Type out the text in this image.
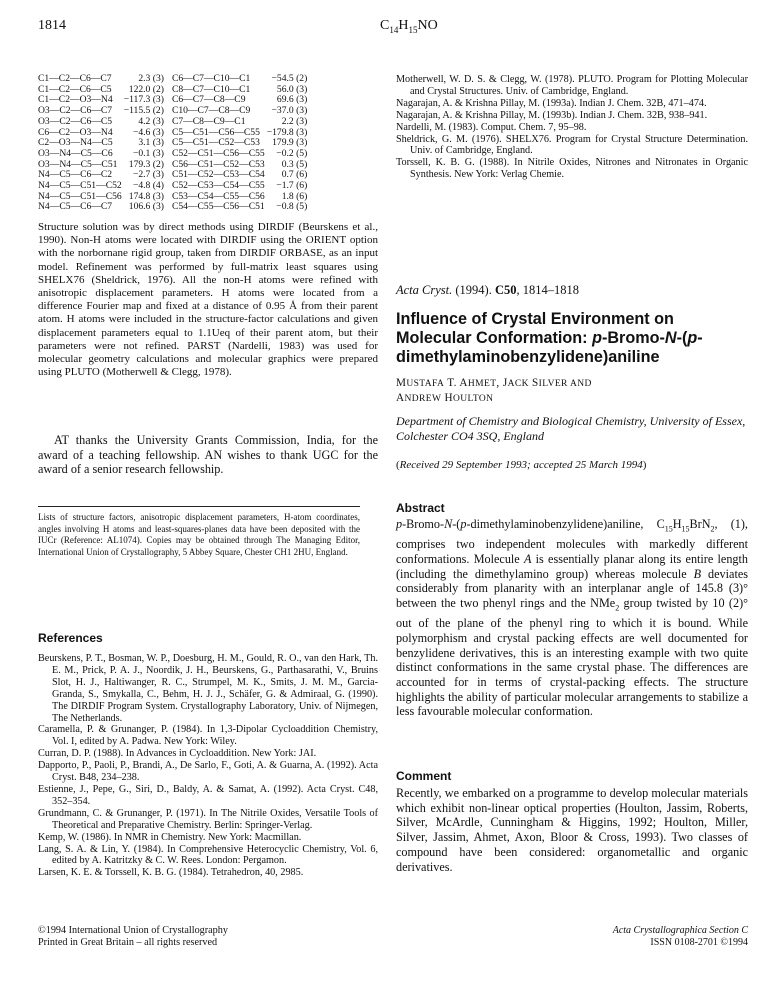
1814	$C_{14}H_{15}NO$
C1—C2—C6—C7	2.3 (3)	C6—C7—C10—C1	−54.5 (2)
C1—C2—C6—C5	122.0 (2)	C8—C7—C10—C1	56.0 (3)
C1—C2—O3—N4	−117.3 (3)	C6—C7—C8—C9	69.6 (3)
O3—C2—C6—C7	−115.5 (2)	C10—C7—C8—C9	−37.0 (3)
O3—C2—C6—C5	4.2 (3)	C7—C8—C9—C1	2.2 (3)
C6—C2—O3—N4	−4.6 (3)	C5—C51—C56—C55	−179.8 (3)
C2—O3—N4—C5	3.1 (3)	C5—C51—C52—C53	179.9 (3)
O3—N4—C5—C6	−0.1 (3)	C52—C51—C56—C55	−0.2 (5)
O3—N4—C5—C51	179.3 (2)	C56—C51—C52—C53	0.3 (5)
N4—C5—C6—C2	−2.7 (3)	C51—C52—C53—C54	0.7 (6)
N4—C5—C51—C52	−4.8 (4)	C52—C53—C54—C55	−1.7 (6)
N4—C5—C51—C56	174.8 (3)	C53—C54—C55—C56	1.8 (6)
N4—C5—C6—C7	106.6 (3)	C54—C55—C56—C51	−0.8 (5)

Structure solution was by direct methods using DIRDIF (Beurskens et al., 1990). Non-H atoms were located with DIRDIF using the ORIENT option with the norbornane rigid group, taken from DIRDIF ORBASE, as an input model. Refinement was performed by full-matrix least squares using SHELX76 (Sheldrick, 1976). All the non-H atoms were refined with anisotropic displacement parameters. H atoms were located from a difference Fourier map and fixed at a distance of 0.95 Å from their parent atom. H atoms were included in the structure-factor calculations and given displacement parameters equal to 1.1Ueq of their parent atom, but their parameters were not refined. PARST (Nardelli, 1983) was used for molecular geometry calculations and molecular graphics were prepared using PLUTO (Motherwell & Clegg, 1978).

AT thanks the University Grants Commission, India, for the award of a teaching fellowship. AN wishes to thank UGC for the award of a senior research fellowship.

Lists of structure factors, anisotropic displacement parameters, H-atom coordinates, angles involving H atoms and least-squares-planes data have been deposited with the IUCr (Reference: AL1074). Copies may be obtained through The Managing Editor, International Union of Crystallography, 5 Abbey Square, Chester CH1 2HU, England.
References

Beurskens, P. T., Bosman, W. P., Doesburg, H. M., Gould, R. O., van den Hark, Th. E. M., Prick, P. A. J., Noordik, J. H., Beurskens, G., Parthasarathi, V., Bruins Slot, H. J., Haltiwanger, R. C., Strumpel, M. K., Smits, J. M. M., Garcia-Granda, S., Smykalla, C., Behm, H. J. J., Schäfer, G. & Admiraal, G. (1990). The DIRDIF Program System. Crystallography Laboratory, Univ. of Nijmegen, The Netherlands.

Caramella, P. & Grunanger, P. (1984). In 1,3-Dipolar Cycloaddition Chemistry, Vol. I, edited by A. Padwa. New York: Wiley.

Curran, D. P. (1988). In Advances in Cycloaddition. New York: JAI.

Dapporto, P., Paoli, P., Brandi, A., De Sarlo, F., Goti, A. & Guarna, A. (1992). Acta Cryst. B48, 234–238.

Estienne, J., Pepe, G., Siri, D., Baldy, A. & Samat, A. (1992). Acta Cryst. C48, 352–354.

Grundmann, C. & Grunanger, P. (1971). In The Nitrile Oxides, Versatile Tools of Theoretical and Preparative Chemistry. Berlin: Springer-Verlag.

Kemp, W. (1986). In NMR in Chemistry. New York: Macmillan.

Lang, S. A. & Lin, Y. (1984). In Comprehensive Heterocyclic Chemistry, Vol. 6, edited by A. Katritzky & C. W. Rees. London: Pergamon.

Larsen, K. E. & Torssell, K. B. G. (1984). Tetrahedron, 40, 2985.

©1994 International Union of Crystallography
Printed in Great Britain – all rights reserved

Motherwell, W. D. S. & Clegg, W. (1978). PLUTO. Program for Plotting Molecular and Crystal Structures. Univ. of Cambridge, England.

Nagarajan, A. & Krishna Pillay, M. (1993a). Indian J. Chem. 32B, 471–474.

Nagarajan, A. & Krishna Pillay, M. (1993b). Indian J. Chem. 32B, 938–941.

Nardelli, M. (1983). Comput. Chem. 7, 95–98.

Sheldrick, G. M. (1976). SHELX76. Program for Crystal Structure Determination. Univ. of Cambridge, England.

Torssell, K. B. G. (1988). In Nitrile Oxides, Nitrones and Nitronates in Organic Synthesis. New York: Verlag Chemie.

Acta Cryst. (1994). C50, 1814–1818
Influence of Crystal Environment on Molecular Conformation: p-Bromo-N-(p-dimethylaminobenzylidene)aniline
MUSTAFA T. AHMET, JACK SILVER AND
ANDREW HOULTON
Department of Chemistry and Biological Chemistry, University of Essex, Colchester CO4 3SQ, England
(Received 29 September 1993; accepted 25 March 1994)
Abstract

p-Bromo-N-(p-dimethylaminobenzylidene)aniline, $C_{15}H_{15}BrN_2$, (1), comprises two independent molecules with markedly different conformations. Molecule A is essentially planar along its entire length (including the dimethylamino group) whereas molecule B deviates considerably from planarity with an interplanar angle of 145.8 (3)° between the two phenyl rings and the NMe$_2$ group twisted by 10 (2)° out of the plane of the phenyl ring to which it is bound. While polymorphism and crystal packing effects are well documented for benzylidene derivatives, this is an interesting example with two quite distinct conformations in the same crystal phase. The differences are accounted for in terms of crystal-packing effects. The structure highlights the ability of particular molecular arrangements to stabilize a less favourable molecular conformation.

Comment

Recently, we embarked on a programme to develop molecular materials which exhibit non-linear optical properties (Houlton, Jassim, Roberts, Silver, McArdle, Cunningham & Higgins, 1992; Houlton, Miller, Silver, Jassim, Ahmet, Axon, Bloor & Cross, 1993). Two classes of compound have been considered: organometallic and organic derivatives.

Acta Crystallographica Section C
ISSN 0108-2701 ©1994
